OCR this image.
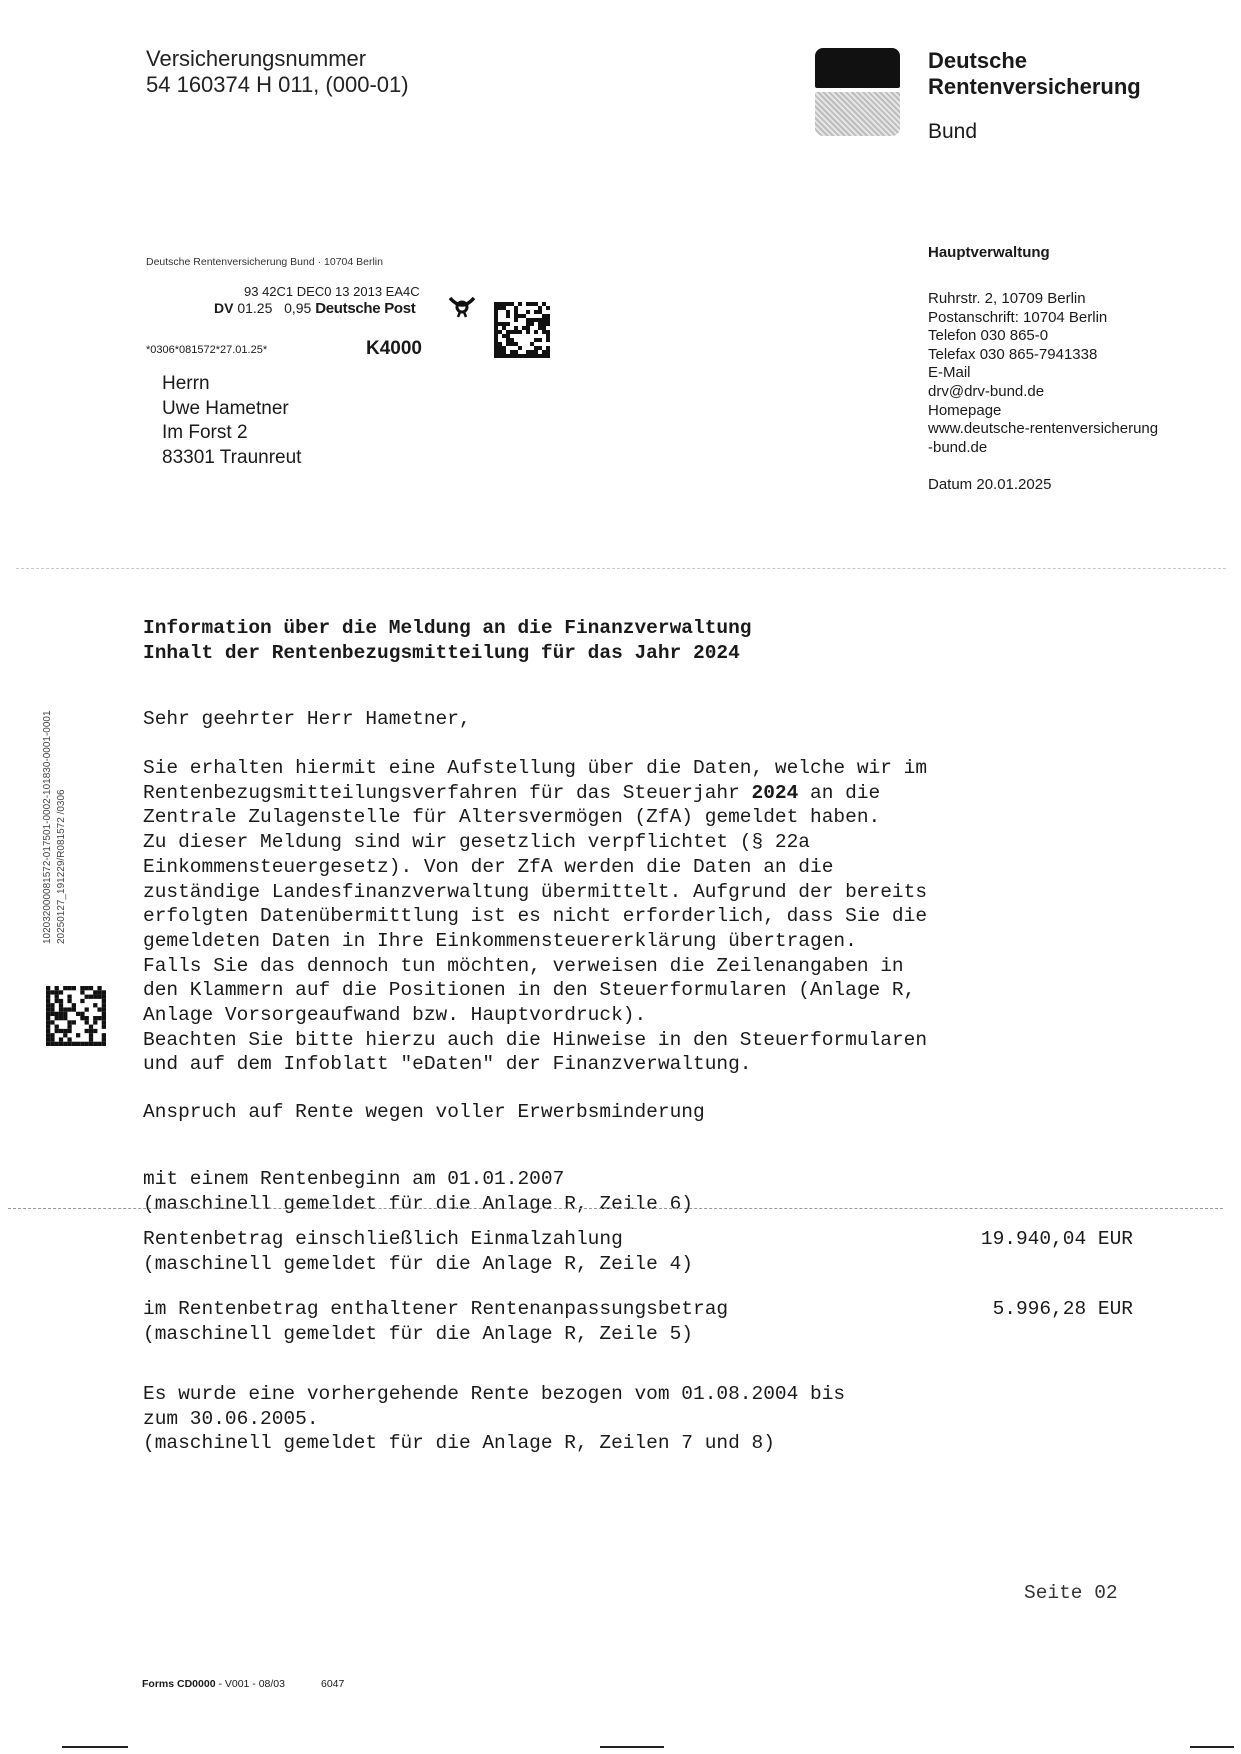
Versicherungsnummer
54 160374 H 011, (000-01)
Deutsche
Rentenversicherung
Bund
Deutsche Rentenversicherung Bund · 10704 Berlin
93 42C1 DEC0 13 2013 EA4C
DV 01.25 0,95 Deutsche Post
*0306*081572*27.01.25*	K4000
Herrn
Uwe Hametner
Im Forst 2
83301 Traunreut
Hauptverwaltung
Ruhrstr. 2, 10709 Berlin
Postanschrift: 10704 Berlin
Telefon 030 865-0
Telefax 030 865-7941338
E-Mail
drv@drv-bund.de
Homepage
www.deutsche-rentenversicherung
-bund.de
Datum 20.01.2025
102032000081572-017501-0002-101830-0001-0001 20250127_191229/R081572 /0306
Information über die Meldung an die Finanzverwaltung
Inhalt der Rentenbezugsmitteilung für das Jahr 2024
Sehr geehrter Herr Hametner,
Sie erhalten hiermit eine Aufstellung über die Daten, welche wir im
Rentenbezugsmitteilungsverfahren für das Steuerjahr 2024 an die
Zentrale Zulagenstelle für Altersvermögen (ZfA) gemeldet haben.
Zu dieser Meldung sind wir gesetzlich verpflichtet (§ 22a
Einkommensteuergesetz). Von der ZfA werden die Daten an die
zuständige Landesfinanzverwaltung übermittelt. Aufgrund der bereits
erfolgten Datenübermittlung ist es nicht erforderlich, dass Sie die
gemeldeten Daten in Ihre Einkommensteuererklärung übertragen.
Falls Sie das dennoch tun möchten, verweisen die Zeilenangaben in
den Klammern auf die Positionen in den Steuerformularen (Anlage R,
Anlage Vorsorgeaufwand bzw. Hauptvordruck).
Beachten Sie bitte hierzu auch die Hinweise in den Steuerformularen
und auf dem Infoblatt "eDaten" der Finanzverwaltung.
Anspruch auf Rente wegen voller Erwerbsminderung
mit einem Rentenbeginn am 01.01.2007
(maschinell gemeldet für die Anlage R, Zeile 6)
Rentenbetrag einschließlich Einmalzahlung
(maschinell gemeldet für die Anlage R, Zeile 4)
19.940,04 EUR
im Rentenbetrag enthaltener Rentenanpassungsbetrag
(maschinell gemeldet für die Anlage R, Zeile 5)
5.996,28 EUR
Es wurde eine vorhergehende Rente bezogen vom 01.08.2004 bis
zum 30.06.2005.
(maschinell gemeldet für die Anlage R, Zeilen 7 und 8)
Seite 02
Forms CD0000 - V001 - 08/03	6047
